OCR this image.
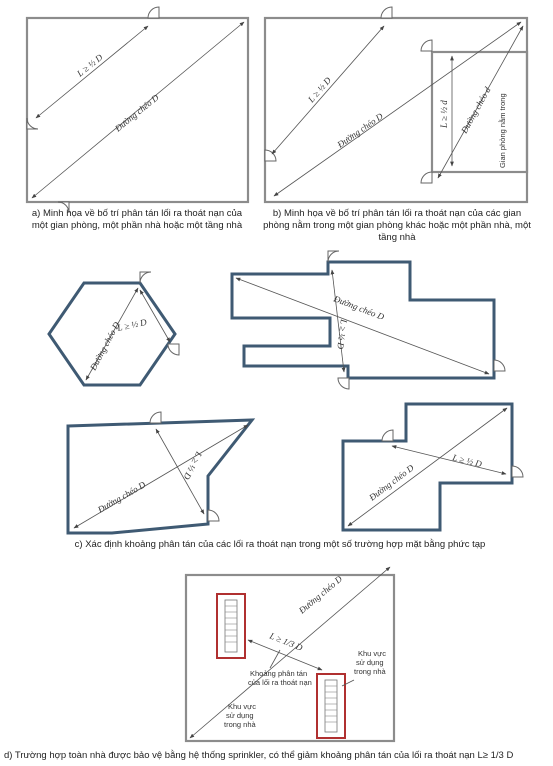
L ≥ ½ D
Đường chéo D
L ≥ ½ D
Đường chéo D	L ≥ ½ d Đường chéo d Gian phòng nằm trong
L ≥ ½ D
Đường chéo D
Đường chéo D
L ≥ ½ D
Đường chéo D
L ≥ ½ D	L ≥ ½ D
Đường chéo D
Đường chéo D
L ≥ 1/3 D
Khoảng phân tán của lối ra thoát nạn
Khu vực sử dụng trong nhà
Khu vực sử dụng trong nhà
a) Minh họa về bố trí phân tán lối ra thoát nạn của một gian phòng, một phần nhà hoặc một tầng nhà
b) Minh họa về bố trí phân tán lối ra thoát nạn của các gian phòng nằm trong một gian phòng khác hoặc một phần nhà, một tầng nhà
c) Xác định khoảng phân tán của các lối ra thoát nạn trong một số trường hợp mặt bằng phức tạp
d) Trường hợp toàn nhà được bảo vệ bằng hệ thống sprinkler, có thể giảm khoảng phân tán của lối ra thoát nạn L≥ 1/3 D
